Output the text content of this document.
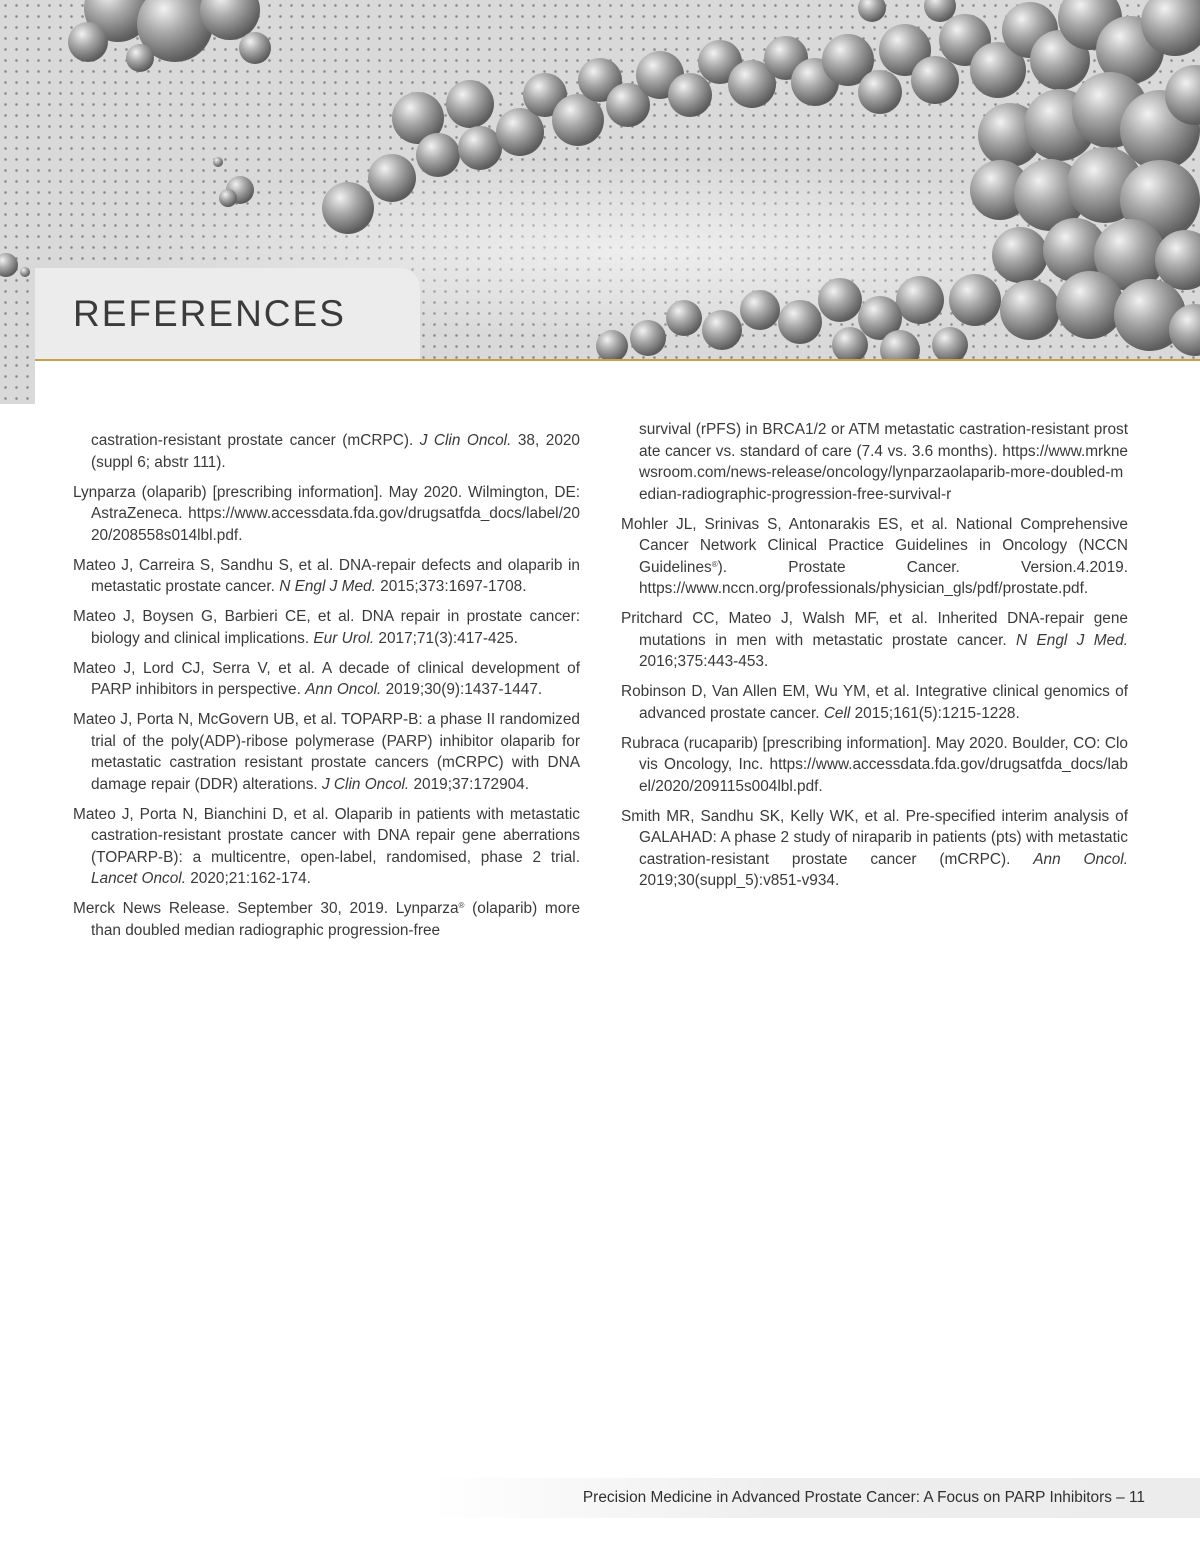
REFERENCES

castration-resistant prostate cancer (mCRPC). J Clin Oncol. 38, 2020 (suppl 6; abstr 111).

Lynparza (olaparib) [prescribing information]. May 2020. Wilmington, DE: AstraZeneca. https://www.accessdata.fda.gov/drugsatfda_docs/label/2020/208558s014lbl.pdf.

Mateo J, Carreira S, Sandhu S, et al. DNA-repair defects and olaparib in metastatic prostate cancer. N Engl J Med. 2015;373:1697-1708.

Mateo J, Boysen G, Barbieri CE, et al. DNA repair in prostate cancer: biology and clinical implications. Eur Urol. 2017;71(3):417-425.

Mateo J, Lord CJ, Serra V, et al. A decade of clinical development of PARP inhibitors in perspective. Ann Oncol. 2019;30(9):1437-1447.

Mateo J, Porta N, McGovern UB, et al. TOPARP-B: a phase II randomized trial of the poly(ADP)-ribose polymerase (PARP) inhibitor olaparib for metastatic castration resistant prostate cancers (mCRPC) with DNA damage repair (DDR) alterations. J Clin Oncol. 2019;37:172904.

Mateo J, Porta N, Bianchini D, et al. Olaparib in patients with metastatic castration-resistant prostate cancer with DNA repair gene aberrations (TOPARP-B): a multicentre, open-label, randomised, phase 2 trial. Lancet Oncol. 2020;21:162-174.

Merck News Release. September 30, 2019. Lynparza® (olaparib) more than doubled median radiographic progression-free

survival (rPFS) in BRCA1/2 or ATM metastatic castration-resistant prostate cancer vs. standard of care (7.4 vs. 3.6 months). https://www.mrknewsroom.com/news-release/oncology/lynparzaolaparib-more-doubled-median-radiographic-progression-free-survival-r

Mohler JL, Srinivas S, Antonarakis ES, et al. National Comprehensive Cancer Network Clinical Practice Guidelines in Oncology (NCCN Guidelines®). Prostate Cancer. Version.4.2019. https://www.nccn.org/professionals/physician_gls/pdf/prostate.pdf.

Pritchard CC, Mateo J, Walsh MF, et al. Inherited DNA-repair gene mutations in men with metastatic prostate cancer. N Engl J Med. 2016;375:443-453.

Robinson D, Van Allen EM, Wu YM, et al. Integrative clinical genomics of advanced prostate cancer. Cell 2015;161(5):1215-1228.

Rubraca (rucaparib) [prescribing information]. May 2020. Boulder, CO: Clovis Oncology, Inc. https://www.accessdata.fda.gov/drugsatfda_docs/label/2020/209115s004lbl.pdf.

Smith MR, Sandhu SK, Kelly WK, et al. Pre-specified interim analysis of GALAHAD: A phase 2 study of niraparib in patients (pts) with metastatic castration-resistant prostate cancer (mCRPC). Ann Oncol. 2019;30(suppl_5):v851-v934.

Precision Medicine in Advanced Prostate Cancer: A Focus on PARP Inhibitors – 11
